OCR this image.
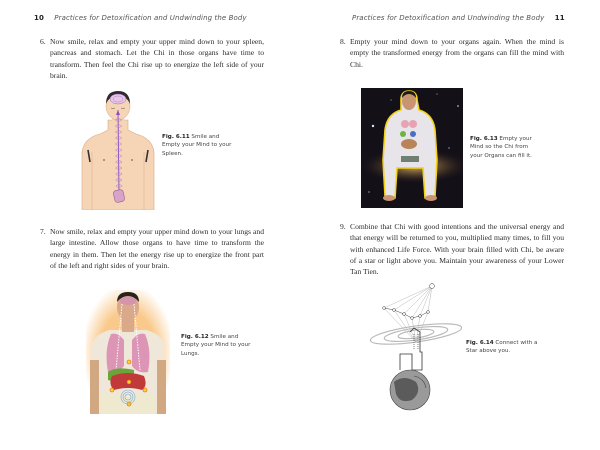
10 Practices for Detoxification and Undwinding the Body
6. Now smile, relax and empty your upper mind down to your spleen, pancreas and stomach. Let the Chi in those organs have time to transform. Then feel the Chi rise up to energize the left side of your brain.
Fig. 6.11 Smile and Empty your Mind to your Spleen.
7. Now smile, relax and empty your upper mind down to your lungs and large intestine. Allow those organs to have time to transform the energy in them. Then let the energy rise up to energize the front part of the left and right sides of your brain.
Fig. 6.12 Smile and Empty your Mind to your Lungs.
Practices for Detoxification and Undwinding the Body 11
8. Empty your mind down to your organs again. When the mind is empty the transformed energy from the organs can fill the mind with Chi.
Fig. 6.13 Empty your Mind so the Chi from your Organs can fill it.
9. Combine that Chi with good intentions and the universal energy and that energy will be returned to you, multiplied many times, to fill you with enhanced Life Force. With your brain filled with Chi, be aware of a star or light above you. Maintain your awareness of your Lower Tan Tien.
Fig. 6.14 Connect with a Star above you.
